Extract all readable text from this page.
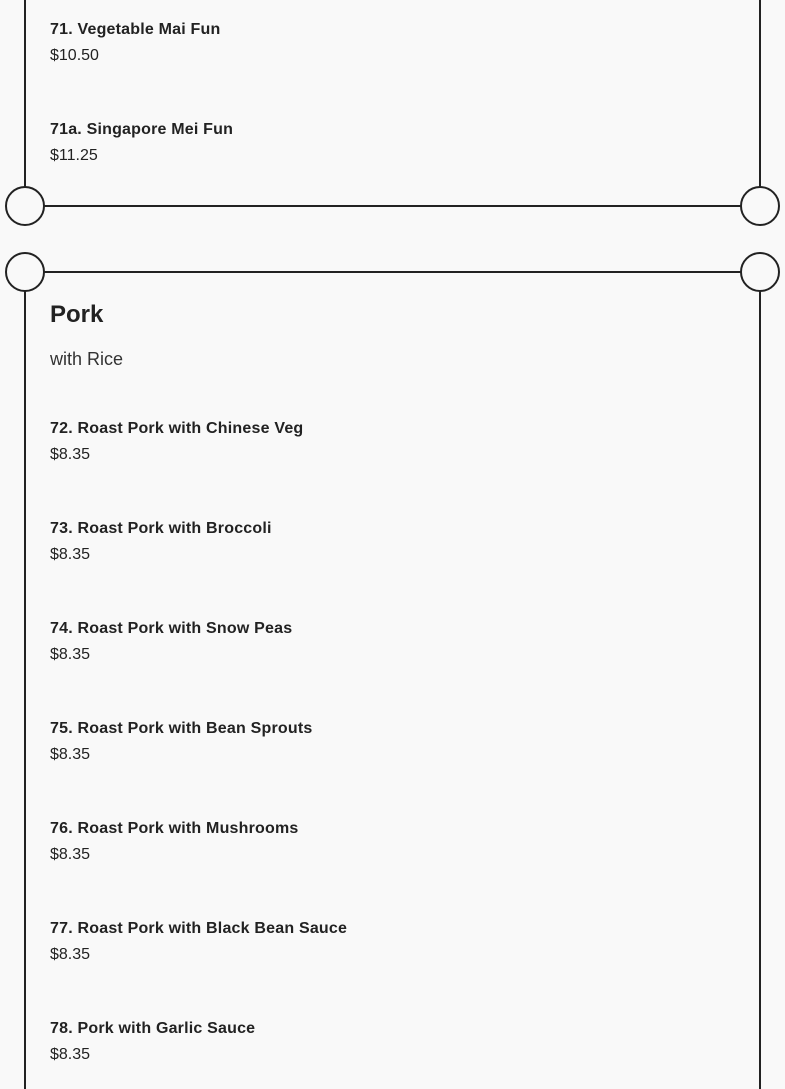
71. Vegetable Mai Fun
$10.50
71a. Singapore Mei Fun
$11.25
Pork
with Rice
72. Roast Pork with Chinese Veg
$8.35
73. Roast Pork with Broccoli
$8.35
74. Roast Pork with Snow Peas
$8.35
75. Roast Pork with Bean Sprouts
$8.35
76. Roast Pork with Mushrooms
$8.35
77. Roast Pork with Black Bean Sauce
$8.35
78. Pork with Garlic Sauce
$8.35
